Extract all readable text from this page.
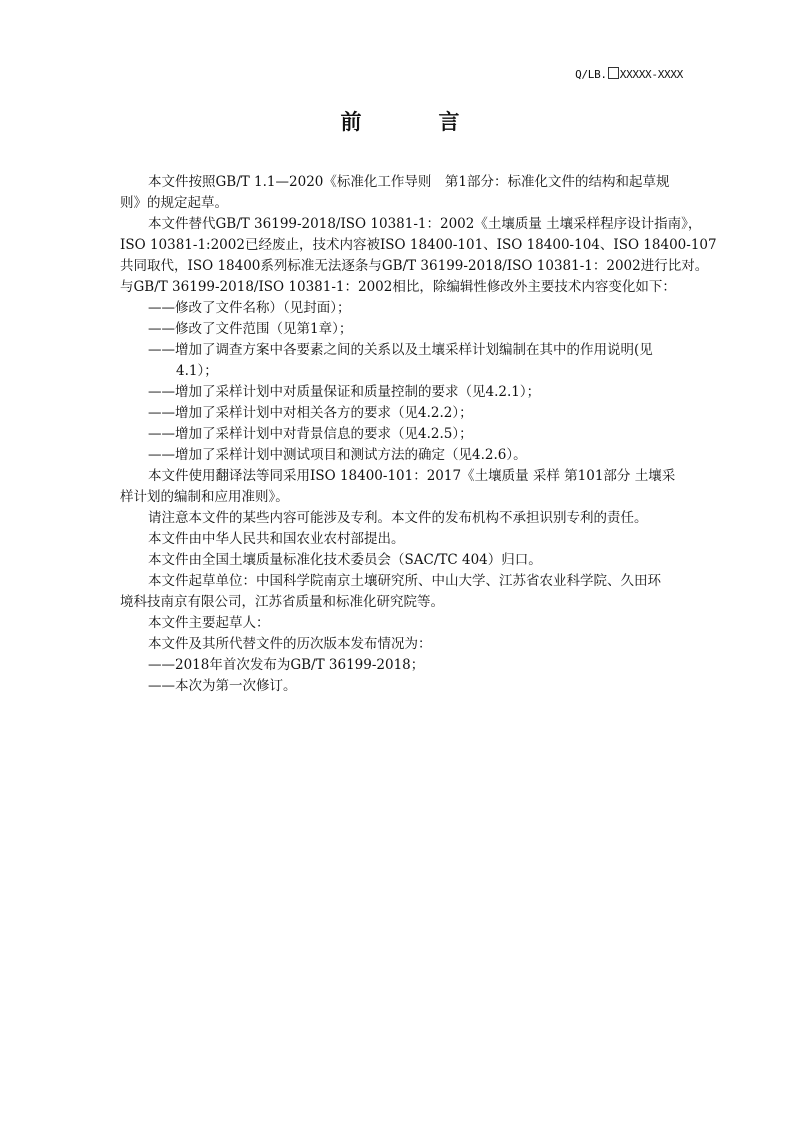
Q/LB. XXXXX-XXXX
前　言
本文件按照GB/T 1.1—2020《标准化工作导则　第1部分：标准化文件的结构和起草规
则》的规定起草。
本文件替代GB/T 36199-2018/ISO 10381-1：2002《土壤质量 土壤采样程序设计指南》，
ISO 10381-1:2002已经废止，技术内容被ISO 18400-101、ISO 18400-104、ISO 18400-107
共同取代，ISO 18400系列标准无法逐条与GB/T 36199-2018/ISO 10381-1：2002进行比对。
与GB/T 36199-2018/ISO 10381-1：2002相比，除编辑性修改外主要技术内容变化如下：
——修改了文件名称）（见封面）；
——修改了文件范围（见第1章）；
——增加了调查方案中各要素之间的关系以及土壤采样计划编制在其中的作用说明(见
4.1）；
——增加了采样计划中对质量保证和质量控制的要求（见4.2.1）；
——增加了采样计划中对相关各方的要求（见4.2.2）；
——增加了采样计划中对背景信息的要求（见4.2.5）；
——增加了采样计划中测试项目和测试方法的确定（见4.2.6）。
本文件使用翻译法等同采用ISO 18400-101：2017《土壤质量 采样 第101部分 土壤采
样计划的编制和应用准则》。
请注意本文件的某些内容可能涉及专利。本文件的发布机构不承担识别专利的责任。
本文件由中华人民共和国农业农村部提出。
本文件由全国土壤质量标准化技术委员会（SAC/TC 404）归口。
本文件起草单位：中国科学院南京土壤研究所、中山大学、江苏省农业科学院、久田环
境科技南京有限公司，江苏省质量和标准化研究院等。
本文件主要起草人：
本文件及其所代替文件的历次版本发布情况为：
——2018年首次发布为GB/T 36199-2018；
——本次为第一次修订。
